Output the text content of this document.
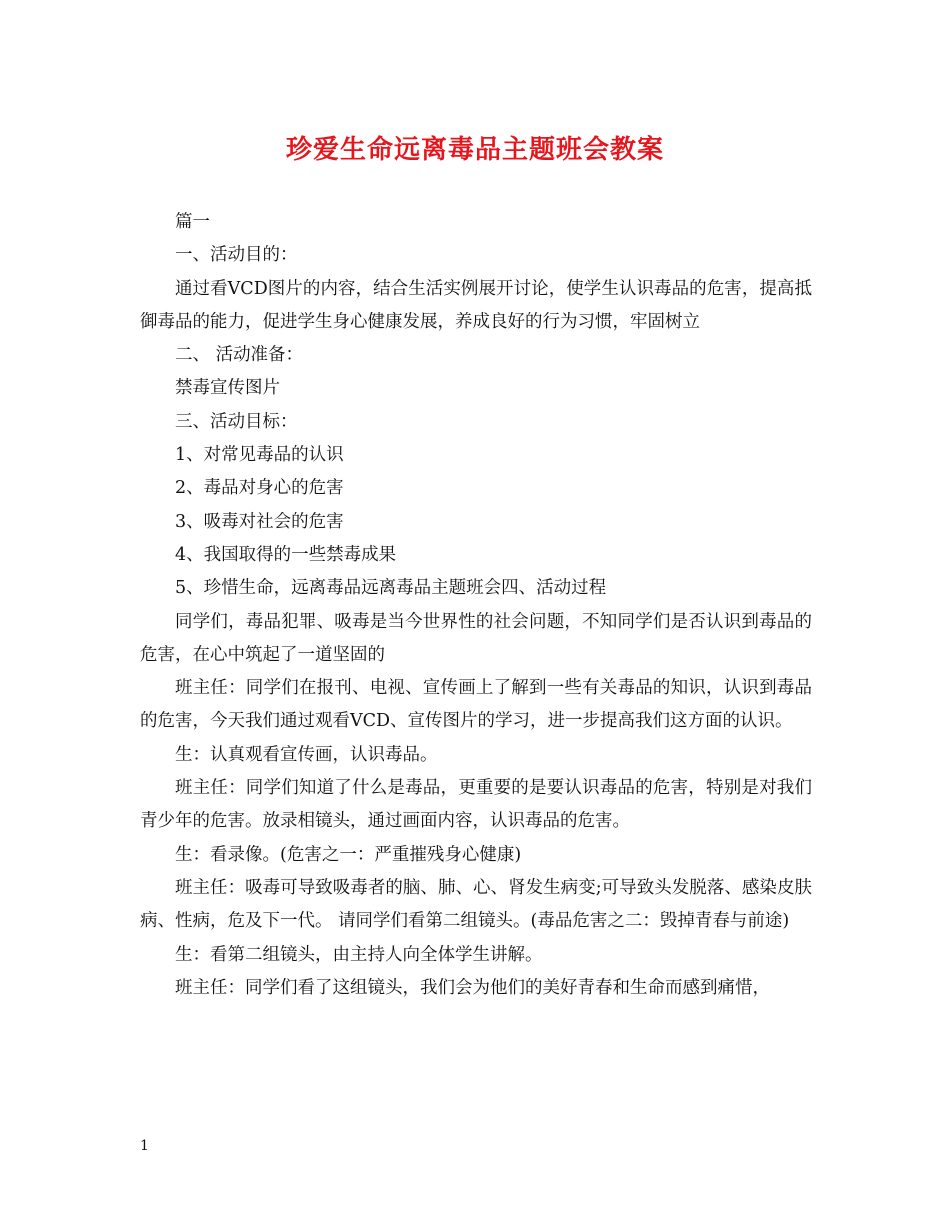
珍爱生命远离毒品主题班会教案

篇一

一、活动目的：

通过看VCD图片的内容，结合生活实例展开讨论，使学生认识毒品的危害，提高抵御毒品的能力，促进学生身心健康发展，养成良好的行为习惯，牢固树立

二、 活动准备：

禁毒宣传图片

三、活动目标：

1、对常见毒品的认识

2、毒品对身心的危害

3、吸毒对社会的危害

4、我国取得的一些禁毒成果

5、珍惜生命，远离毒品远离毒品主题班会四、活动过程

同学们，毒品犯罪、吸毒是当今世界性的社会问题，不知同学们是否认识到毒品的危害，在心中筑起了一道坚固的

班主任：同学们在报刊、电视、宣传画上了解到一些有关毒品的知识，认识到毒品的危害，今天我们通过观看VCD、宣传图片的学习，进一步提高我们这方面的认识。

生：认真观看宣传画，认识毒品。

班主任：同学们知道了什么是毒品，更重要的是要认识毒品的危害，特别是对我们青少年的危害。放录相镜头，通过画面内容，认识毒品的危害。

生：看录像。(危害之一：严重摧残身心健康)

班主任：吸毒可导致吸毒者的脑、肺、心、肾发生病变;可导致头发脱落、感染皮肤病、性病，危及下一代。 请同学们看第二组镜头。(毒品危害之二：毁掉青春与前途)

生：看第二组镜头，由主持人向全体学生讲解。

班主任：同学们看了这组镜头，我们会为他们的美好青春和生命而感到痛惜，

1
